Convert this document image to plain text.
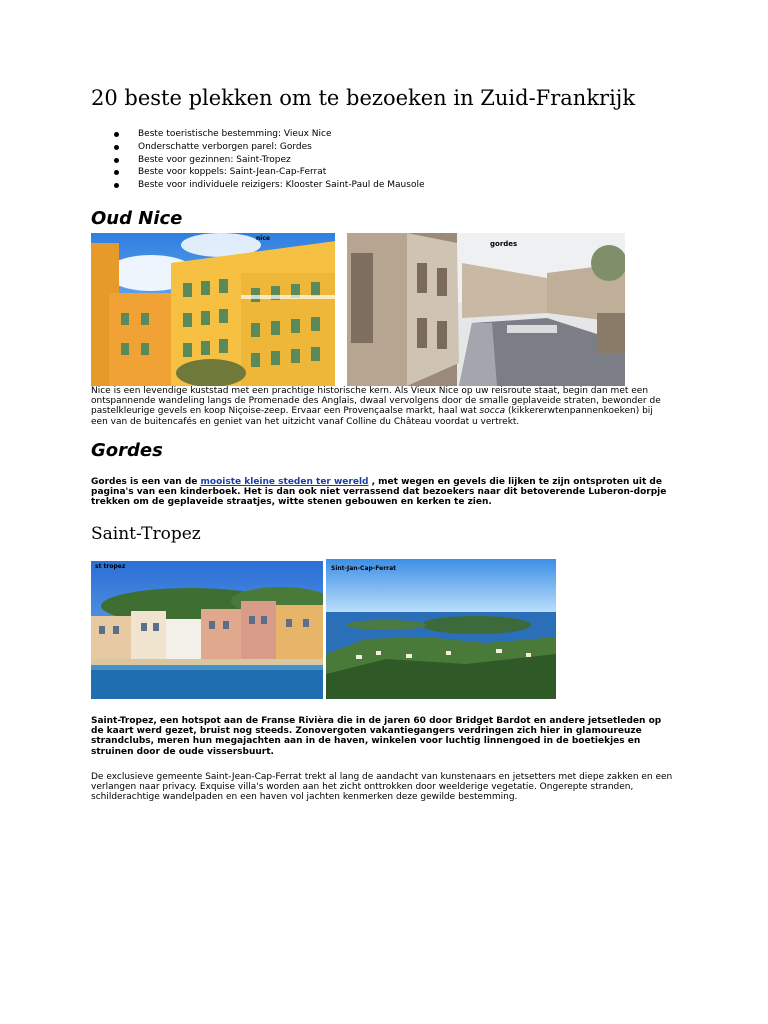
20 beste plekken om te bezoeken in Zuid-Frankrijk
Beste toeristische bestemming: Vieux Nice
Onderschatte verborgen parel: Gordes
Beste voor gezinnen: Saint-Tropez
Beste voor koppels: Saint-Jean-Cap-Ferrat
Beste voor individuele reizigers: Klooster Saint-Paul de Mausole
Oud Nice
nice
gordes

Nice is een levendige kuststad met een prachtige historische kern. Als Vieux Nice op uw reisroute staat, begin dan met een ontspannende wandeling langs de Promenade des Anglais, dwaal vervolgens door de smalle geplaveide straten, bewonder de pastelkleurige gevels en koop Niçoise-zeep. Ervaar een Provençaalse markt, haal wat socca (kikkererwtenpannenkoeken) bij een van de buitencafés en geniet van het uitzicht vanaf Colline du Château voordat u vertrekt.

Gordes

Gordes is een van de mooiste kleine steden ter wereld , met wegen en gevels die lijken te zijn ontsproten uit de pagina's van een kinderboek. Het is dan ook niet verrassend dat bezoekers naar dit betoverende Luberon-dorpje trekken om de geplaveide straatjes, witte stenen gebouwen en kerken te zien.

Saint-Tropez
st tropez	Sint-Jan-Cap-Ferrat

Saint-Tropez, een hotspot aan de Franse Rivièra die in de jaren 60 door Bridget Bardot en andere jetsetleden op de kaart werd gezet, bruist nog steeds. Zonovergoten vakantiegangers verdringen zich hier in glamoureuze strandclubs, meren hun megajachten aan in de haven, winkelen voor luchtig linnengoed in de boetiekjes en struinen door de oude vissersbuurt.

De exclusieve gemeente Saint-Jean-Cap-Ferrat trekt al lang de aandacht van kunstenaars en jetsetters met diepe zakken en een verlangen naar privacy. Exquise villa's worden aan het zicht onttrokken door weelderige vegetatie. Ongerepte stranden, schilderachtige wandelpaden en een haven vol jachten kenmerken deze gewilde bestemming.
